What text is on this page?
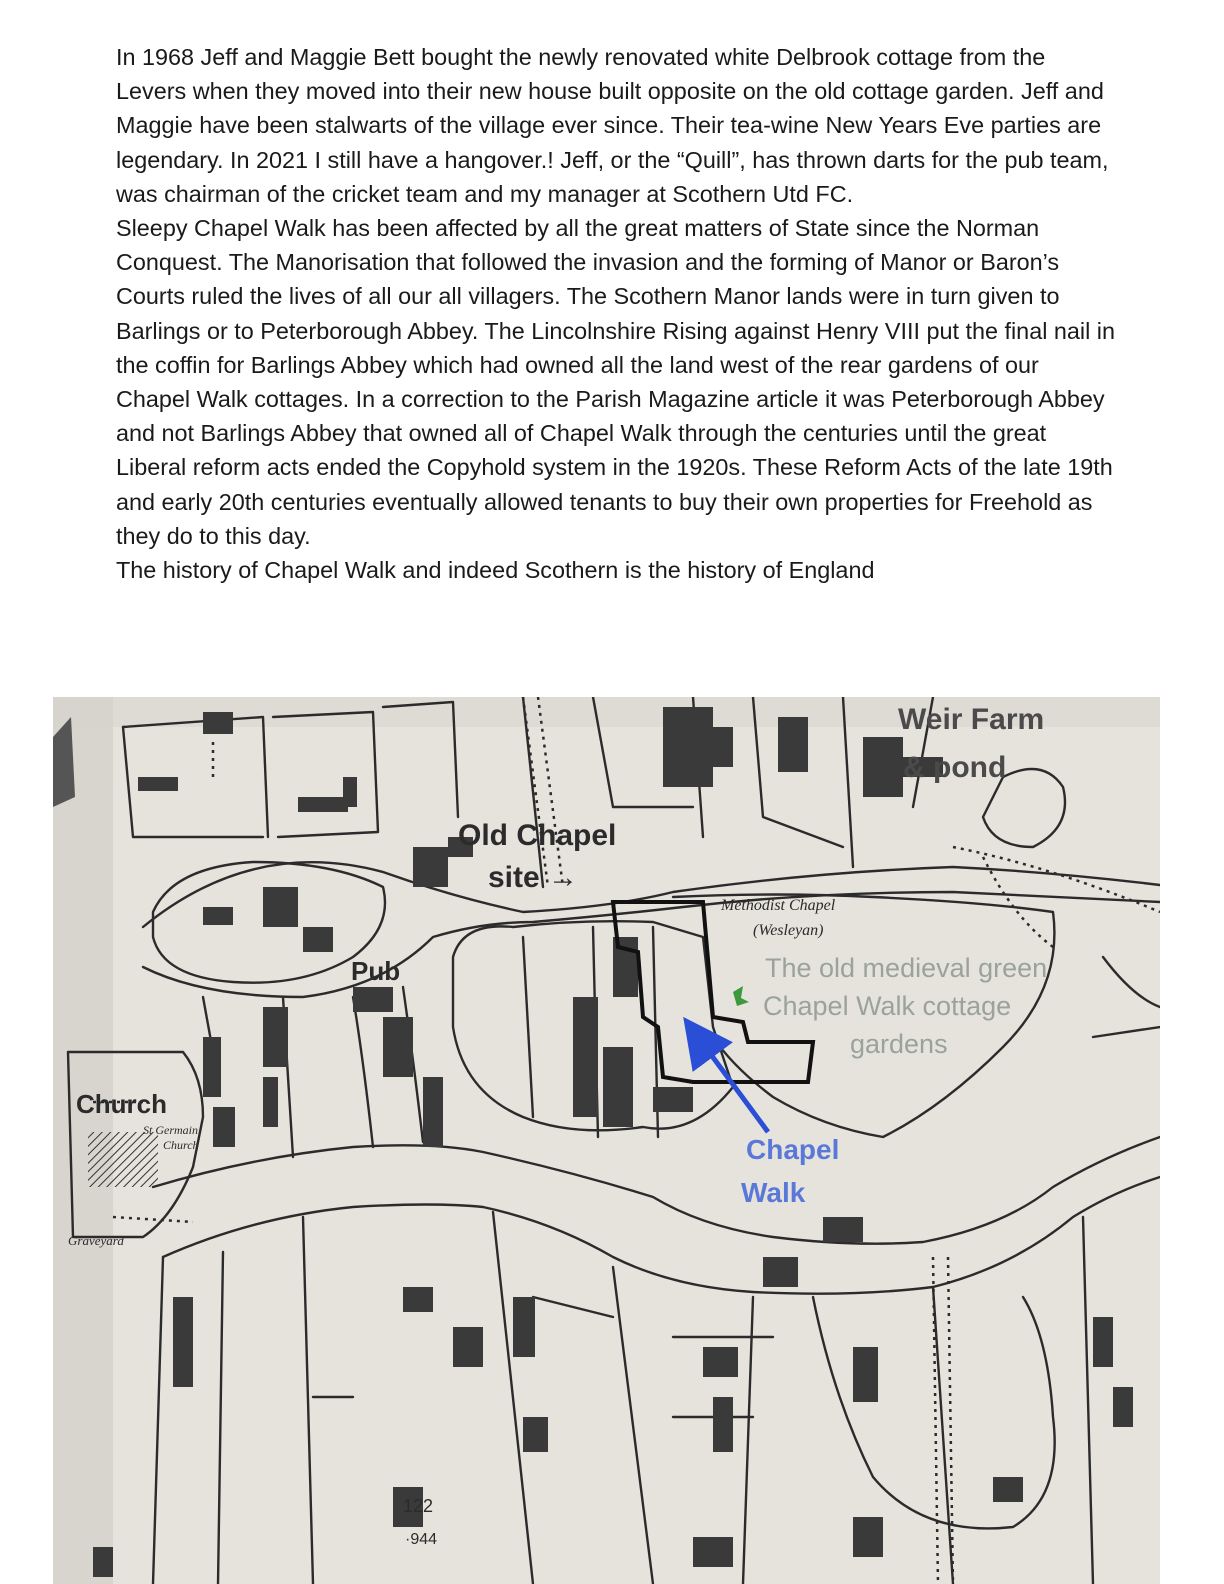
In 1968 Jeff and Maggie Bett bought the newly renovated white Delbrook cottage from the Levers when they moved into their new house built opposite on the old cottage garden. Jeff and Maggie have been stalwarts of the village ever since. Their tea-wine New Years Eve parties are legendary. In 2021 I still have a hangover.! Jeff, or the “Quill”, has thrown darts for the pub team, was chairman of the cricket team and my manager at Scothern Utd FC.

Sleepy Chapel Walk has been affected by all the great matters of State since the Norman Conquest. The Manorisation that followed the invasion and the forming of Manor or Baron’s Courts ruled the lives of all our all villagers. The Scothern Manor lands were in turn given to Barlings or to Peterborough Abbey. The Lincolnshire Rising against Henry VIII put the final nail in the coffin for Barlings Abbey which had owned all the land west of the rear gardens of our Chapel Walk cottages. In a correction to the Parish Magazine article it was Peterborough Abbey and not Barlings Abbey that owned all of Chapel Walk through the centuries until the great Liberal reform acts ended the Copyhold system in the 1920s. These Reform Acts of the late 19th and early 20th centuries eventually allowed tenants to buy their own properties for Freehold as they do to this day.

The history of Chapel Walk and indeed Scothern is the history of England

Weir Farm
& pond
Old Chapel
site →
Methodist Chapel
(Wesleyan)
The old medieval green
Chapel Walk cottage
gardens
Pub
Church
St Germain
Church
Graveyard
Chapel
Walk
122
·944
